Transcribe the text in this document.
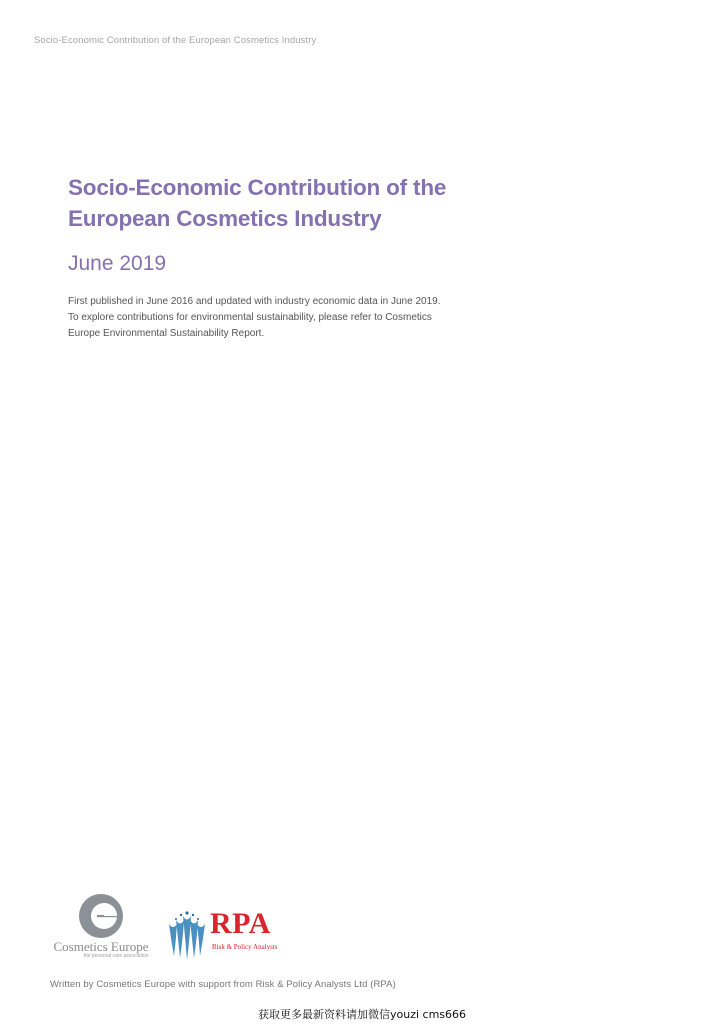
Socio-Economic Contribution of the European Cosmetics Industry
Socio-Economic Contribution of the
European Cosmetics Industry
June 2019
First published in June 2016 and updated with industry economic data in June 2019.
To explore contributions for environmental sustainability, please refer to Cosmetics
Europe Environmental Sustainability Report.
Cosmetics Europe
the personal care association
RPA
Risk & Policy Analysts
Written by Cosmetics Europe with support from Risk & Policy Analysts Ltd (RPA)
获取更多最新资料请加微信youzi cms666
